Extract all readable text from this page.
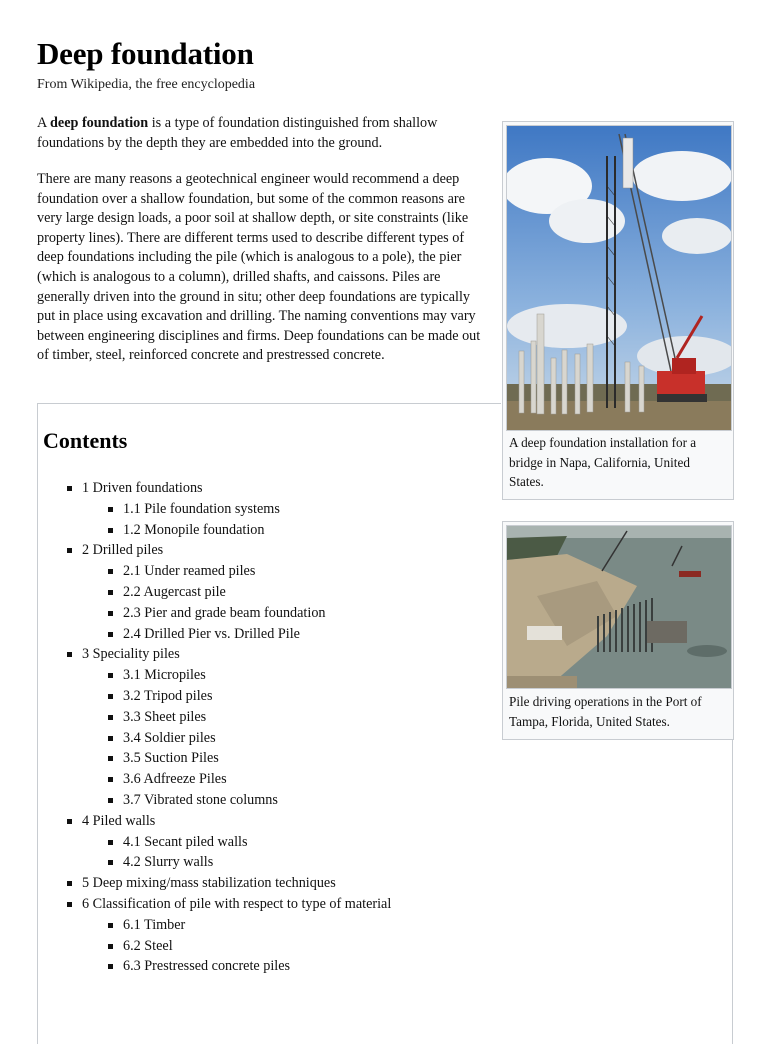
Deep foundation
From Wikipedia, the free encyclopedia

A deep foundation is a type of foundation distinguished from shallow foundations by the depth they are embedded into the ground.

There are many reasons a geotechnical engineer would recommend a deep foundation over a shallow foundation, but some of the common reasons are very large design loads, a poor soil at shallow depth, or site constraints (like property lines). There are different terms used to describe different types of deep foundations including the pile (which is analogous to a pole), the pier (which is analogous to a column), drilled shafts, and caissons. Piles are generally driven into the ground in situ; other deep foundations are typically put in place using excavation and drilling. The naming conventions may vary between engineering disciplines and firms. Deep foundations can be made out of timber, steel, reinforced concrete and prestressed concrete.

Contents
1 Driven foundations
1.1 Pile foundation systems
1.2 Monopile foundation
2 Drilled piles
2.1 Under reamed piles
2.2 Augercast pile
2.3 Pier and grade beam foundation
2.4 Drilled Pier vs. Drilled Pile
3 Speciality piles
3.1 Micropiles
3.2 Tripod piles
3.3 Sheet piles
3.4 Soldier piles
3.5 Suction Piles
3.6 Adfreeze Piles
3.7 Vibrated stone columns
4 Piled walls
4.1 Secant piled walls
4.2 Slurry walls
5 Deep mixing/mass stabilization techniques
6 Classification of pile with respect to type of material
6.1 Timber
6.2 Steel
6.3 Prestressed concrete piles
A deep foundation installation for a bridge in Napa, California, United States.
Pile driving operations in the Port of Tampa, Florida, United States.
